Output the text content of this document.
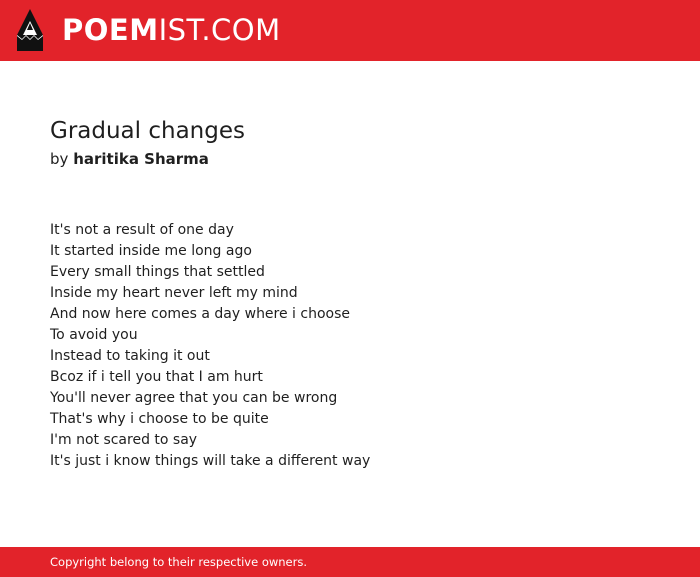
POEMIST.COM
Gradual changes

by haritika Sharma

It's not a result of one day
It started inside me long ago
Every small things that settled
Inside my heart never left my mind
And now here comes a day where i choose
To avoid you
Instead to taking it out
Bcoz if i tell you that I am hurt
You'll never agree that you can be wrong
That's why i choose to be quite
I'm not scared to say
It's just i know things will take a different way
Copyright belong to their respective owners.
